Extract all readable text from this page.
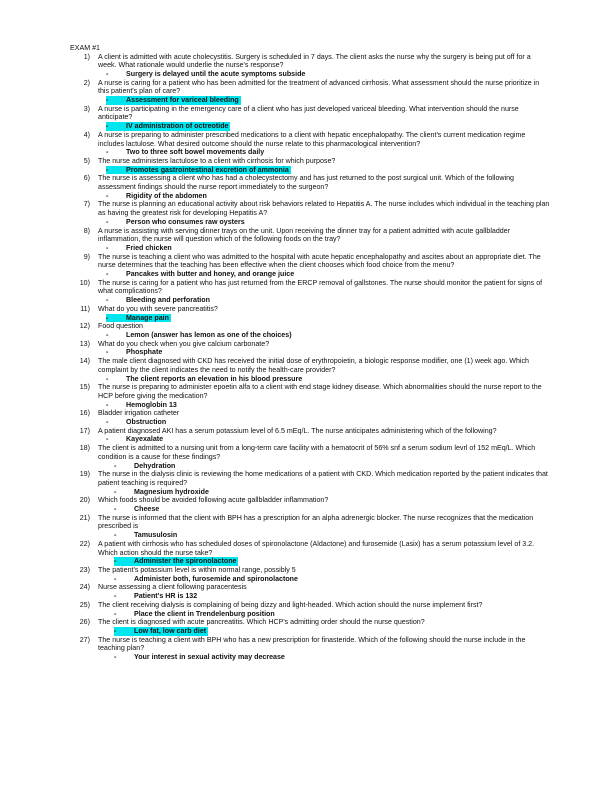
EXAM #1
1)	A client is admitted with acute cholecystitis. Surgery is scheduled in 7 days. The client asks the nurse why the surgery is being put off for a week. What rationale would underlie the nurse's response?
-	Surgery is delayed until the acute symptoms subside
2)	A nurse is caring for a patient who has been admitted for the treatment of advanced cirrhosis. What assessment should the nurse prioritize in this patient's plan of care?
-	Assessment for variceal bleeding
3)	A nurse is participating in the emergency care of a client who has just developed variceal bleeding. What intervention should the nurse anticipate?
-	IV administration of octreotide
4)	A nurse is preparing to administer prescribed medications to a client with hepatic encephalopathy. The client's current medication regime includes lactulose. What desired outcome should the nurse relate to this pharmacological intervention?
-	Two to three soft bowel movements daily
5)	The nurse administers lactulose to a client with cirrhosis for which purpose?
-	Promotes gastrointestinal excretion of ammonia
6)	The nurse is assessing a client who has had a cholecystectomy and has just returned to the post surgical unit. Which of the following assessment findings should the nurse report immediately to the surgeon?
-	Rigidity of the abdomen
7)	The nurse is planning an educational activity about risk behaviors related to Hepatitis A. The nurse includes which individual in the teaching plan as having the greatest risk for developing Hepatitis A?
-	Person who consumes raw oysters
8)	A nurse is assisting with serving dinner trays on the unit. Upon receiving the dinner tray for a patient admitted with acute gallbladder inflammation, the nurse will question which of the following foods on the tray?
-	Fried chicken
9)	The nurse is teaching a client who was admitted to the hospital with acute hepatic encephalopathy and ascites about an appropriate diet. The nurse determines that the teaching has been effective when the client chooses which food choice from the menu?
-	Pancakes with butter and honey, and orange juice
10)	The nurse is caring for a patient who has just returned from the ERCP removal of gallstones. The nurse should monitor the patient for signs of what complications?
-	Bleeding and perforation
11)	What do you with severe pancreatitis?
-	Manage pain
12)	Food question
-	Lemon (answer has lemon as one of the choices)
13)	What do you check when you give calcium carbonate?
-	Phosphate
14)	The male client diagnosed with CKD has received the initial dose of erythropoietin, a biologic response modifier, one (1) week ago. Which complaint by the client indicates the need to notify the health-care provider?
-	The client reports an elevation in his blood pressure
15)	The nurse is preparing to administer epoetin alfa to a client with end stage kidney disease. Which abnormalities should the nurse report to the HCP before giving the medication?
-	Hemoglobin 13
16)	Bladder irrigation catheter
-	Obstruction
17)	A patient diagnosed AKI has a serum potassium level of 6.5 mEq/L. The nurse anticipates administering which of the following?
-	Kayexalate
18)	The client is admitted to a nursing unit from a long-term care facility with a hematocrit of 56% snf a serum sodium levrl of 152 mEq/L. Which condition is a cause for these findings?
-	Dehydration
19)	The nurse in the dialysis clinic is reviewing the home medications of a patient with CKD. Which medication reported by the patient indicates that patient teaching is required?
-	Magnesium hydroxide
20)	Which foods should be avoided following acute gallbladder inflammation?
-	Cheese
21)	The nurse is informed that the client with BPH has a prescription for an alpha adrenergic blocker. The nurse recognizes that the medication prescribed is
-	Tamusulosin
22)	A patient with cirrhosis who has scheduled doses of spironolactone (Aldactone) and furosemide (Lasix) has a serum potassium level of 3.2. Which action should the nurse take?
-	Administer the spironolactone
23)	The patient's potassium level is within normal range, possibly 5
-	Administer both, furosemide and spironolactone
24)	Nurse assessing a client following paracentesis
-	Patient's HR is 132
25)	The client receiving dialysis is complaining of being dizzy and light-headed. Which action should the nurse implement first?
-	Place the client in Trendelenburg position
26)	The client is diagnosed with acute pancreatitis. Which HCP's admitting order should the nurse question?
-	Low fat, low carb diet
27)	The nurse is teaching a client with BPH who has a new prescription for finasteride. Which of the following should the nurse include in the teaching plan?
-	Your interest in sexual activity may decrease
